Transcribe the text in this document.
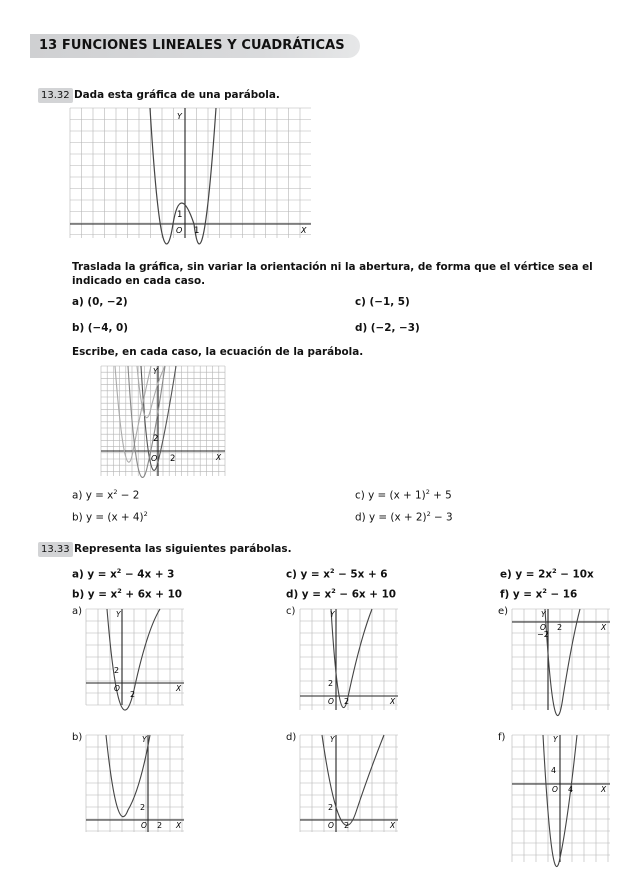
13 FUNCIONES LINEALES Y CUADRÁTICAS
13.32 Dada esta gráfica de una parábola.
Y
X
O 1
1
Traslada la gráfica, sin variar la orientación ni la abertura, de forma que el vértice sea el indicado en cada caso.
a) (0, −2)	c) (−1, 5)
b) (−4, 0)	d) (−2, −3)
Escribe, en cada caso, la ecuación de la parábola.
Y
X
O 2
2
a) $y = x^2 - 2$	c) $y = (x + 1)^2 + 5$
b) $y = (x + 4)^2$	d) $y = (x + 2)^2 - 3$
13.33 Representa las siguientes parábolas.
a) $y = x^2 - 4x + 3$	c) $y = x^2 - 5x + 6$	e) $y = 2x^2 - 10x$
b) $y = x^2 + 6x + 10$	d) $y = x^2 - 6x + 10$	f) $y = x^2 - 16$
a)	c)	e)
b)	d)	f)
Y
X
O
2
2
Y
X
O 2
2
Y
X
O 2
−2
Y
X
O 2
2
Y
X
O 2
2
Y
X
O 4
4
